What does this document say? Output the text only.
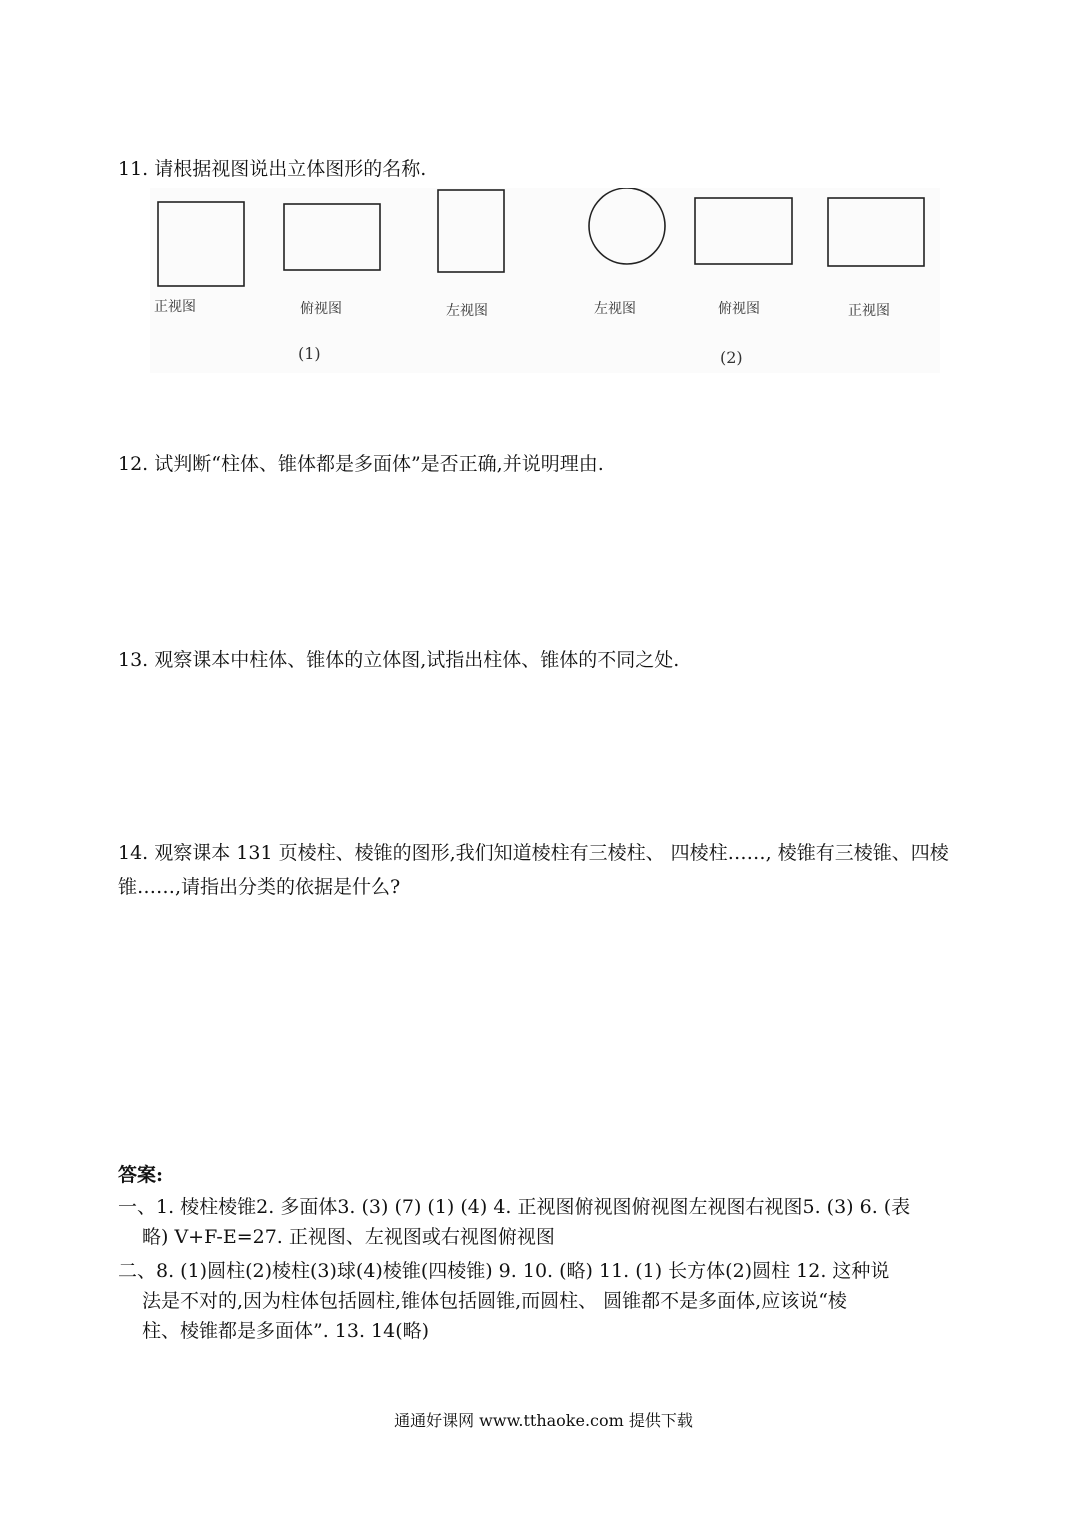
11. 请根据视图说出立体图形的名称.
正视图	俯视图	左视图	左视图	俯视图	正视图
(1)	(2)
12. 试判断“柱体、锥体都是多面体”是否正确,并说明理由.
13. 观察课本中柱体、锥体的立体图,试指出柱体、锥体的不同之处.
14. 观察课本 131 页棱柱、棱锥的图形,我们知道棱柱有三棱柱、 四棱柱……, 棱锥有三棱锥、四棱锥……,请指出分类的依据是什么?
答案:
一、1. 棱柱棱锥2. 多面体3. (3) (7) (1) (4) 4. 正视图俯视图俯视图左视图右视图5. (3) 6. (表
略) V+F-E=27. 正视图、左视图或右视图俯视图
二、8. (1)圆柱(2)棱柱(3)球(4)棱锥(四棱锥) 9. 10. (略) 11. (1) 长方体(2)圆柱 12. 这种说
法是不对的,因为柱体包括圆柱,锥体包括圆锥,而圆柱、 圆锥都不是多面体,应该说“棱
柱、棱锥都是多面体”. 13. 14(略)
通通好课网 www.tthaoke.com 提供下载
